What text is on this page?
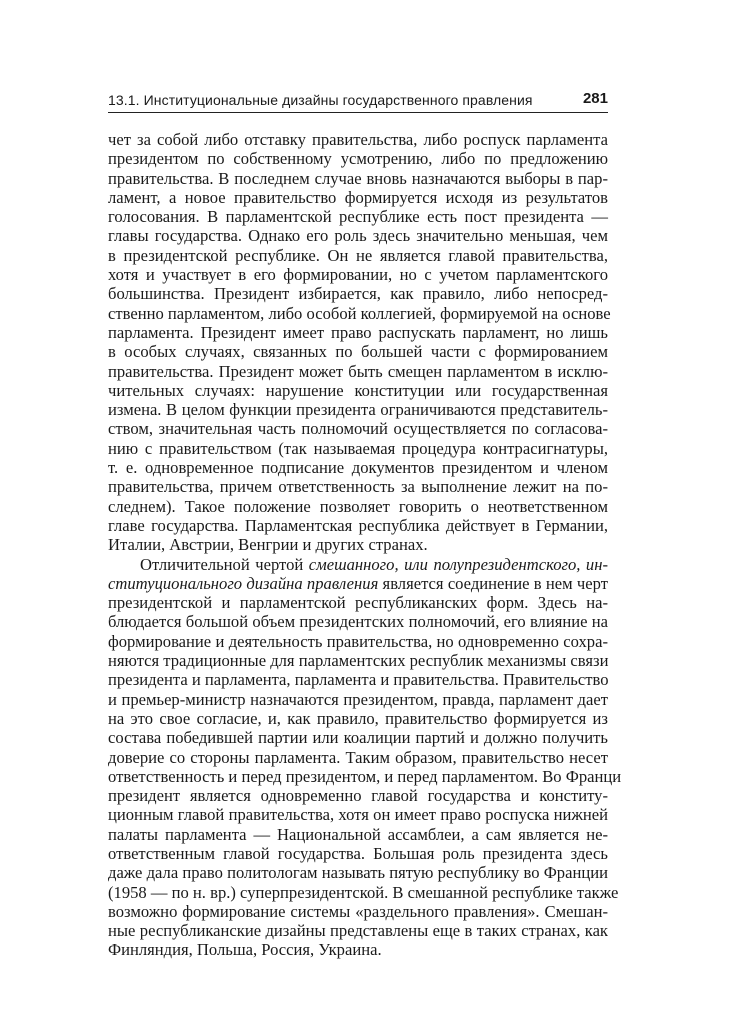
13.1. Институциональные дизайны государственного правления	281
чет за собой либо отставку правительства, либо роспуск парламента
президентом по собственному усмотрению, либо по предложению
правительства. В последнем случае вновь назначаются выборы в пар-
ламент, а новое правительство формируется исходя из результатов
голосования. В парламентской республике есть пост президента —
главы государства. Однако его роль здесь значительно меньшая, чем
в президентской республике. Он не является главой правительства,
хотя и участвует в его формировании, но с учетом парламентского
большинства. Президент избирается, как правило, либо непосред-
ственно парламентом, либо особой коллегией, формируемой на основе
парламента. Президент имеет право распускать парламент, но лишь
в особых случаях, связанных по большей части с формированием
правительства. Президент может быть смещен парламентом в исклю-
чительных случаях: нарушение конституции или государственная
измена. В целом функции президента ограничиваются представитель-
ством, значительная часть полномочий осуществляется по согласова-
нию с правительством (так называемая процедура контрасигнатуры,
т. е. одновременное подписание документов президентом и членом
правительства, причем ответственность за выполнение лежит на по-
следнем). Такое положение позволяет говорить о неответственном
главе государства. Парламентская республика действует в Германии,
Италии, Австрии, Венгрии и других странах.
Отличительной чертой смешанного, или полупрезидентского, ин-
ституционального дизайна правления является соединение в нем черт
президентской и парламентской республиканских форм. Здесь на-
блюдается большой объем президентских полномочий, его влияние на
формирование и деятельность правительства, но одновременно сохра-
няются традиционные для парламентских республик механизмы связи
президента и парламента, парламента и правительства. Правительство
и премьер-министр назначаются президентом, правда, парламент дает
на это свое согласие, и, как правило, правительство формируется из
состава победившей партии или коалиции партий и должно получить
доверие со стороны парламента. Таким образом, правительство несет
ответственность и перед президентом, и перед парламентом. Во Франци
президент является одновременно главой государства и конститу-
ционным главой правительства, хотя он имеет право роспуска нижней
палаты парламента — Национальной ассамблеи, а сам является не-
ответственным главой государства. Большая роль президента здесь
даже дала право политологам называть пятую республику во Франции
(1958 — по н. вр.) суперпрезидентской. В смешанной республике также
возможно формирование системы «раздельного правления». Смешан-
ные республиканские дизайны представлены еще в таких странах, как
Финляндия, Польша, Россия, Украина.
